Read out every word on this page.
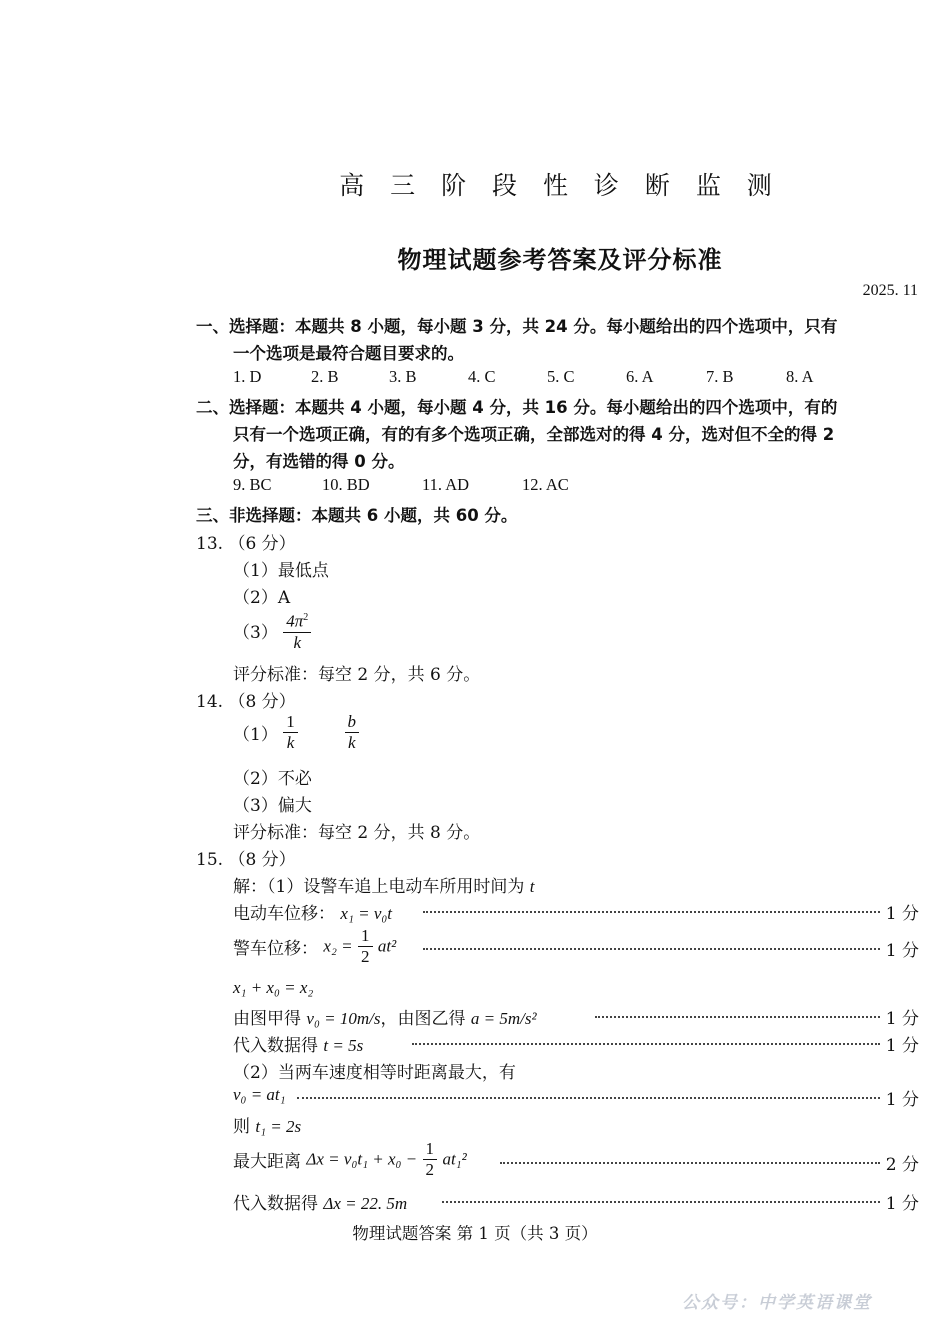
高 三 阶 段 性 诊 断 监 测
物理试题参考答案及评分标准
2025. 11
一、选择题：本题共 8 小题，每小题 3 分，共 24 分。每小题给出的四个选项中，只有
一个选项是最符合题目要求的。
1. D	2. B	3. B	4. C	5. C	6. A	7. B	8. A
二、选择题：本题共 4 小题，每小题 4 分，共 16 分。每小题给出的四个选项中，有的
只有一个选项正确，有的有多个选项正确，全部选对的得 4 分，选对但不全的得 2
分，有选错的得 0 分。
9. BC	10. BD	11. AD	12. AC
三、非选择题：本题共 6 小题，共 60 分。
13. （6 分）
（1）最低点
（2）A
$(3) \frac{4\pi^2}{k}$
评分标准：每空 2 分，共 6 分。
14. （8 分）
$(1) \frac{1}{k}$
	$\frac{b}{k}$
（2）不必
（3）偏大
评分标准：每空 2 分，共 8 分。
15. （8 分）
解：（1）设警车追上电动车所用时间为 t
电动车位移： x₁ = v₀t	1 分
警车位移： $x_2 = \frac{1}{2} at^2$	1 分
x₁ + x₀ = x₂
由图甲得 v₀ = 10m/s，由图乙得 a = 5m/s²	1 分
代入数据得 t = 5s	1 分
（2）当两车速度相等时距离最大，有
v₀ = at₁	1 分
则 t₁ = 2s
最大距离 $\Delta x = v_0t_1 + x_0 - \frac{1}{2} at_1^2$	2 分
代入数据得 Δx = 22. 5m	1 分
物理试题答案 第 1 页（共 3 页）
公众号：中学英语课堂
